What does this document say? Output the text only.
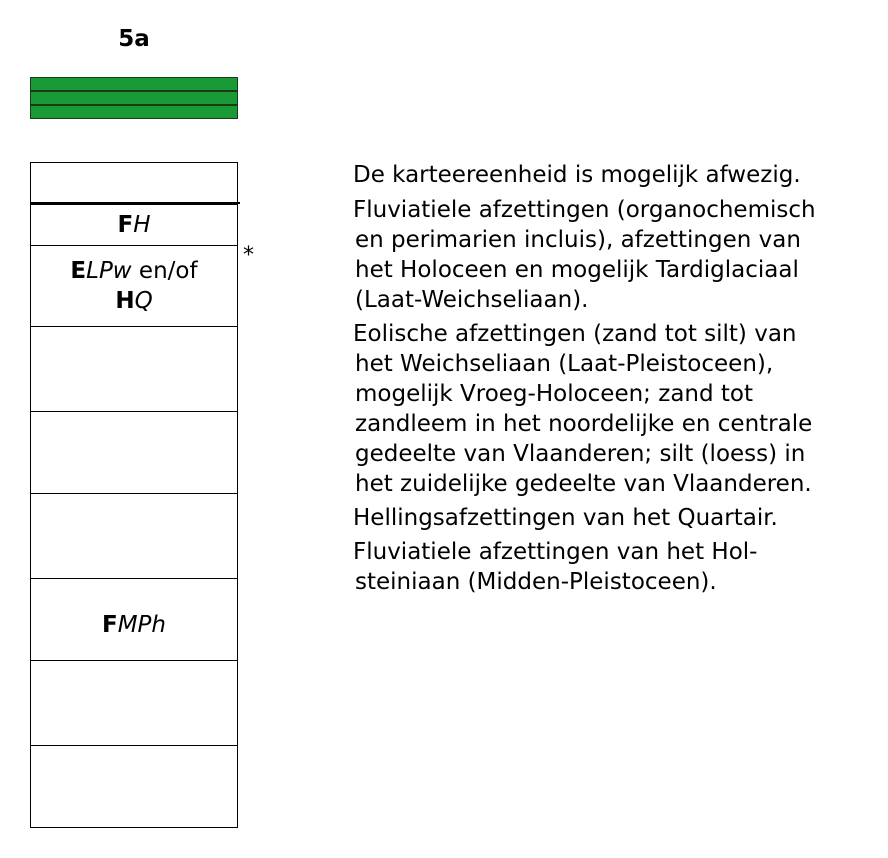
5a
FH
ELPw en/of
HQ
FMPh
*
De karteereenheid is mogelijk afwezig.
Fluviatiele afzettingen (organochemisch
en perimarien incluis), afzettingen van
het Holoceen en mogelijk Tardiglaciaal
(Laat-Weichseliaan).
Eolische afzettingen (zand tot silt) van
het Weichseliaan (Laat-Pleistoceen),
mogelijk Vroeg-Holoceen; zand tot
zandleem in het noordelijke en centrale
gedeelte van Vlaanderen; silt (loess) in
het zuidelijke gedeelte van Vlaanderen.
Hellingsafzettingen van het Quartair.
Fluviatiele afzettingen van het Hol-
steiniaan (Midden-Pleistoceen).
